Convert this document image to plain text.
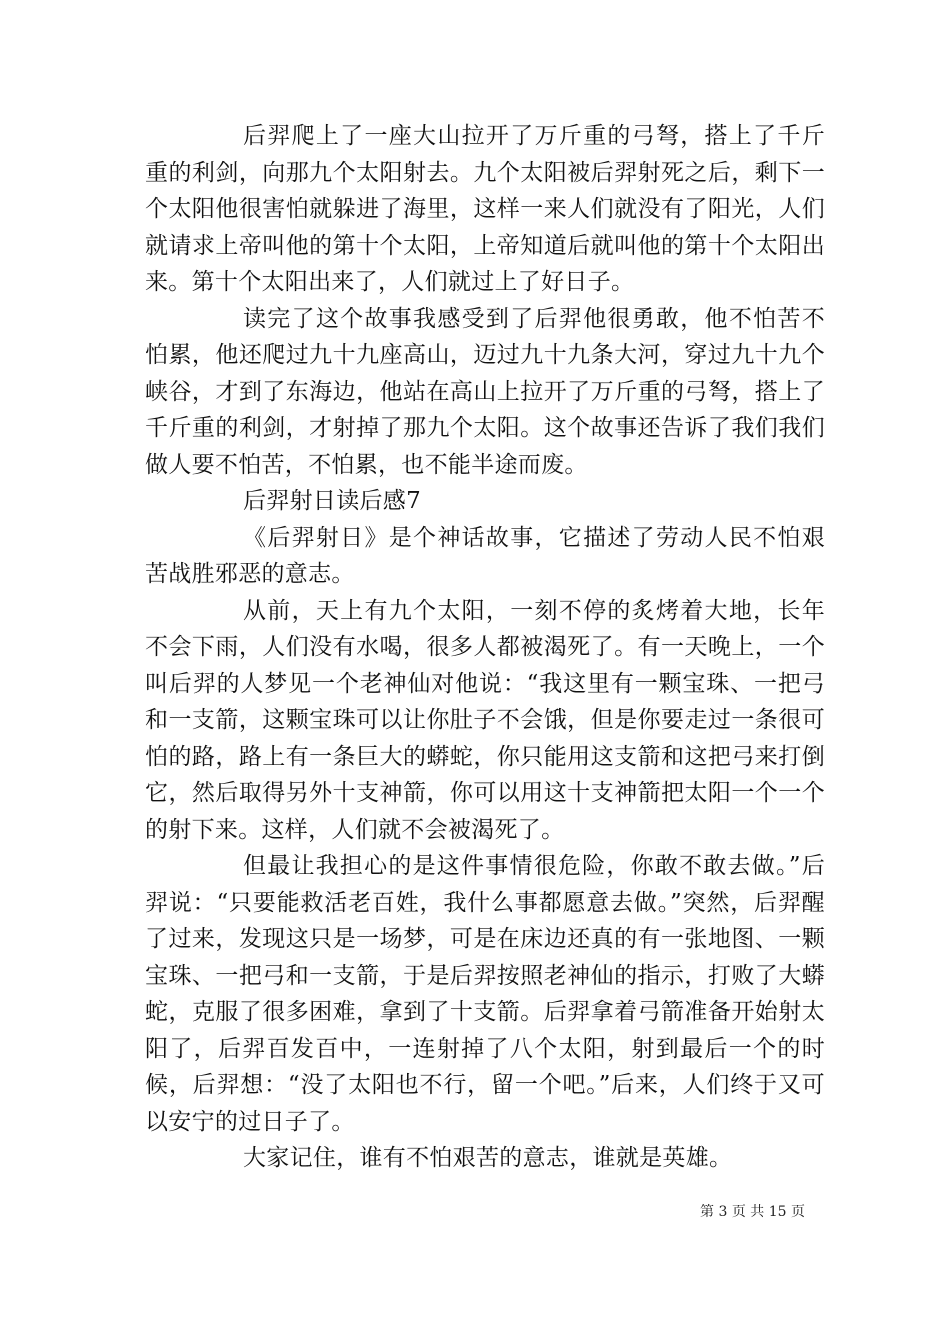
后羿爬上了一座大山拉开了万斤重的弓弩，搭上了千斤重的利剑，向那九个太阳射去。九个太阳被后羿射死之后，剩下一个太阳他很害怕就躲进了海里，这样一来人们就没有了阳光，人们就请求上帝叫他的第十个太阳，上帝知道后就叫他的第十个太阳出来。第十个太阳出来了，人们就过上了好日子。

读完了这个故事我感受到了后羿他很勇敢，他不怕苦不怕累，他还爬过九十九座高山，迈过九十九条大河，穿过九十九个峡谷，才到了东海边，他站在高山上拉开了万斤重的弓弩，搭上了千斤重的利剑，才射掉了那九个太阳。这个故事还告诉了我们我们做人要不怕苦，不怕累，也不能半途而废。

后羿射日读后感7

《后羿射日》是个神话故事，它描述了劳动人民不怕艰苦战胜邪恶的意志。

从前，天上有九个太阳，一刻不停的炙烤着大地，长年不会下雨，人们没有水喝，很多人都被渴死了。有一天晚上，一个叫后羿的人梦见一个老神仙对他说：“我这里有一颗宝珠、一把弓和一支箭，这颗宝珠可以让你肚子不会饿，但是你要走过一条很可怕的路，路上有一条巨大的蟒蛇，你只能用这支箭和这把弓来打倒它，然后取得另外十支神箭，你可以用这十支神箭把太阳一个一个的射下来。这样，人们就不会被渴死了。

但最让我担心的是这件事情很危险，你敢不敢去做。”后羿说：“只要能救活老百姓，我什么事都愿意去做。”突然，后羿醒了过来，发现这只是一场梦，可是在床边还真的有一张地图、一颗宝珠、一把弓和一支箭，于是后羿按照老神仙的指示，打败了大蟒蛇，克服了很多困难，拿到了十支箭。后羿拿着弓箭准备开始射太阳了，后羿百发百中，一连射掉了八个太阳，射到最后一个的时候，后羿想：“没了太阳也不行，留一个吧。”后来，人们终于又可以安宁的过日子了。

大家记住，谁有不怕艰苦的意志，谁就是英雄。

第 3 页 共 15 页
